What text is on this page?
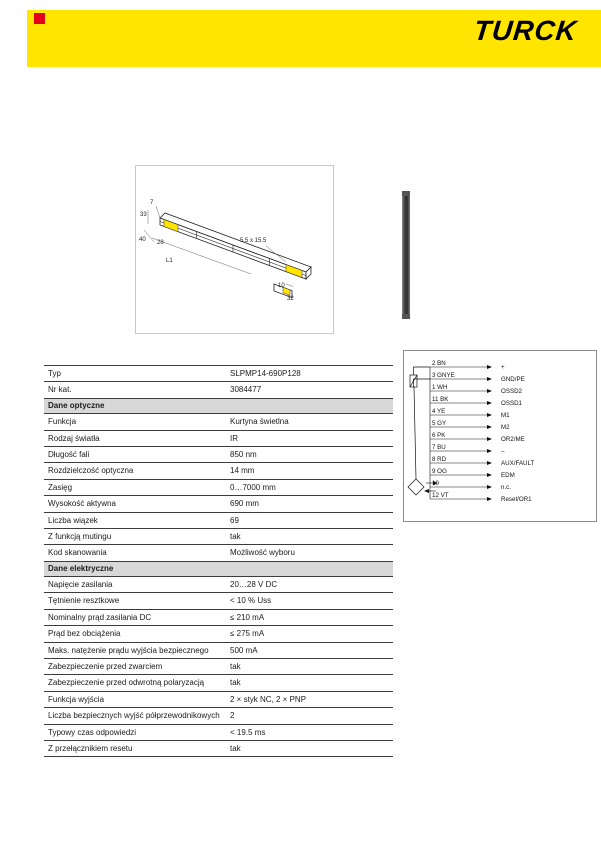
TURCK
7
33
40 28
L1
5.5 x 15.5
10
32
Typ	SLPMP14-690P128
Nr kat.	3084477
Dane optyczne
Funkcja	Kurtyna świetlna
Rodzaj światła	IR
Długość fali	850 nm
Rozdzielczość optyczna	14 mm
Zasięg	0…7000 mm
Wysokość aktywna	690 mm
Liczba wiązek	69
Z funkcją mutingu	tak
Kod skanowania	Możliwość wyboru
Dane elektryczne
Napięcie zasilania	20…28 V DC
Tętnienie resztkowe	< 10 % Uss
Nominalny prąd zasilania DC	≤ 210 mA
Prąd bez obciążenia	≤ 275 mA
Maks. natężenie prądu wyjścia bezpiecznego	500 mA
Zabezpieczenie przed zwarciem	tak
Zabezpieczenie przed odwrotną polaryzacją	tak
Funkcja wyjścia	2 × styk NC, 2 × PNP
Liczba bezpiecznych wyjść półprzewodnikowych	2
Typowy czas odpowiedzi	< 19.5 ms
Z przełącznikiem resetu	tak
2 BN
+
3 GNYE
GND/PE
1 WH
OSSD2
11 BK
OSSD1
4 YE
M1
5 GY
M2
6 PK
OR2/ME
7 BU
–
8 RD
AUX/FAULT
9 OG
EDM
10
n.c.
12 VT
Reset/OR1
